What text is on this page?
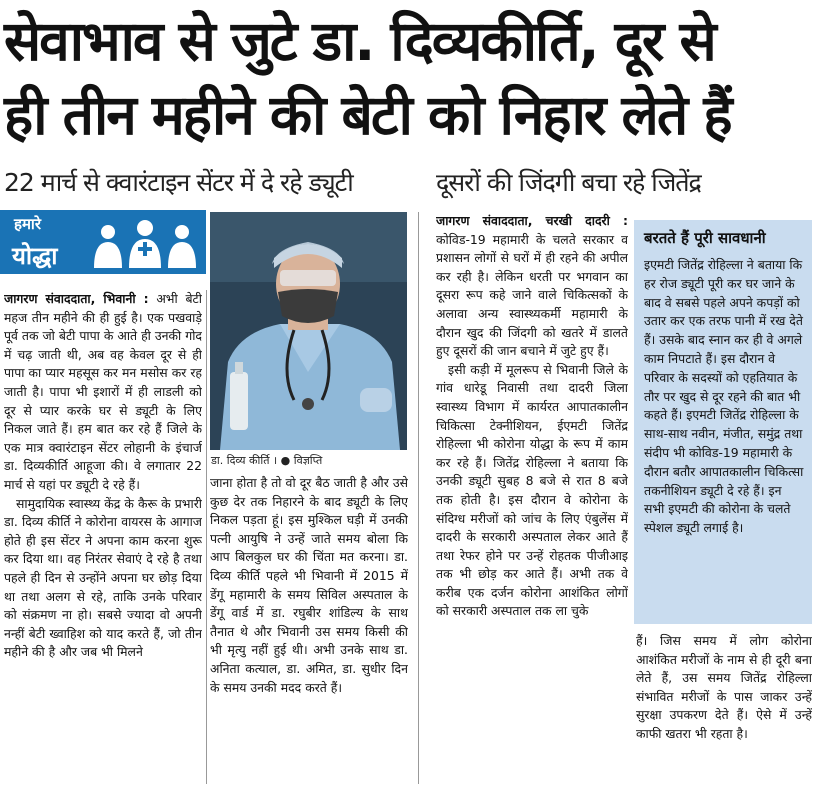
सेवाभाव से जुटे डा. दिव्यकीर्ति, दूर से
ही तीन महीने की बेटी को निहार लेते हैं
22 मार्च से क्वारंटाइन सेंटर में दे रहे ड्यूटी	दूसरों की जिंदगी बचा रहे जितेंद्र
हमारे
योद्धा
डा. दिव्य कीर्ति । ● विज्ञप्ति

जागरण संवाददाता, भिवानी : अभी बेटी महज तीन महीने की ही हुई है। एक पखवाड़े पूर्व तक जो बेटी पापा के आते ही उनकी गोद में चढ़ जाती थी, अब वह केवल दूर से ही पापा का प्यार महसूस कर मन मसोस कर रह जाती है। पापा भी इशारों में ही लाडली को दूर से प्यार करके घर से ड्यूटी के लिए निकल जाते हैं। हम बात कर रहे हैं जिले के एक मात्र क्वारंटाइन सेंटर लोहानी के इंचार्ज डा. दिव्यकीर्ति आहूजा की। वे लगातार 22 मार्च से यहां पर ड्यूटी दे रहे हैं।

सामुदायिक स्वास्थ्य केंद्र के कैरू के प्रभारी डा. दिव्य कीर्ति ने कोरोना वायरस के आगाज होते ही इस सेंटर ने अपना काम करना शुरू कर दिया था। वह निरंतर सेवाएं दे रहे है तथा पहले ही दिन से उन्होंने अपना घर छोड़ दिया था तथा अलग से रहे, ताकि उनके परिवार को संक्रमण ना हो। सबसे ज्यादा वो अपनी नन्हीं बेटी ख्वाहिश को याद करते हैं, जो तीन महीने की है और जब भी मिलने

जाना होता है तो वो दूर बैठ जाती है और उसे कुछ देर तक निहारने के बाद ड्यूटी के लिए निकल पड़ता हूं। इस मुश्किल घड़ी में उनकी पत्नी आयुषि ने उन्हें जाते समय बोला कि आप बिलकुल घर की चिंता मत करना। डा. दिव्य कीर्ति पहले भी भिवानी में 2015 में डेंगू महामारी के समय सिविल अस्पताल के डेंगू वार्ड में डा. रघुबीर शांडिल्य के साथ तैनात थे और भिवानी उस समय किसी की भी मृत्यु नहीं हुई थी। अभी उनके साथ डा. अनिता कत्याल, डा. अमित, डा. सुधीर दिन के समय उनकी मदद करते हैं।

जागरण संवाददाता, चरखी दादरी : कोविड-19 महामारी के चलते सरकार व प्रशासन लोगों से घरों में ही रहने की अपील कर रही है। लेकिन धरती पर भगवान का दूसरा रूप कहे जाने वाले चिकित्सकों के अलावा अन्य स्वास्थ्यकर्मी महामारी के दौरान खुद की जिंदगी को खतरे में डालते हुए दूसरों की जान बचाने में जुटे हुए हैं।

इसी कड़ी में मूलरूप से भिवानी जिले के गांव धारेडू निवासी तथा दादरी जिला स्वास्थ्य विभाग में कार्यरत आपातकालीन चिकित्सा टेक्नीशियन, ईएमटी जितेंद्र रोहिल्ला भी कोरोना योद्धा के रूप में काम कर रहे हैं। जितेंद्र रोहिल्ला ने बताया कि उनकी ड्यूटी सुबह 8 बजे से रात 8 बजे तक होती है। इस दौरान वे कोरोना के संदिग्ध मरीजों को जांच के लिए एंबुलेंस में दादरी के सरकारी अस्पताल लेकर आते हैं तथा रेफर होने पर उन्हें रोहतक पीजीआइ तक भी छोड़ कर आते हैं। अभी तक वे करीब एक दर्जन कोरोना आशंकित लोगों को सरकारी अस्पताल तक ला चुके

बरतते हैं पूरी सावधानी

इएमटी जितेंद्र रोहिल्ला ने बताया कि हर रोज ड्यूटी पूरी कर घर जाने के बाद वे सबसे पहले अपने कपड़ों को उतार कर एक तरफ पानी में रख देते हैं। उसके बाद स्नान कर ही वे अगले काम निपटाते हैं। इस दौरान वे परिवार के सदस्यों को एहतियात के तौर पर खुद से दूर रहने की बात भी कहते हैं। इएमटी जितेंद्र रोहिल्ला के साथ-साथ नवीन, मंजीत, समुंद्र तथा संदीप भी कोविड-19 महामारी के दौरान बतौर आपातकालीन चिकित्सा तकनीशियन ड्यूटी दे रहे हैं। इन सभी इएमटी की कोरोना के चलते स्पेशल ड्यूटी लगाई है।

हैं। जिस समय में लोग कोरोना आशंकित मरीजों के नाम से ही दूरी बना लेते हैं, उस समय जितेंद्र रोहिल्ला संभावित मरीजों के पास जाकर उन्हें सुरक्षा उपकरण देते हैं। ऐसे में उन्हें काफी खतरा भी रहता है।
